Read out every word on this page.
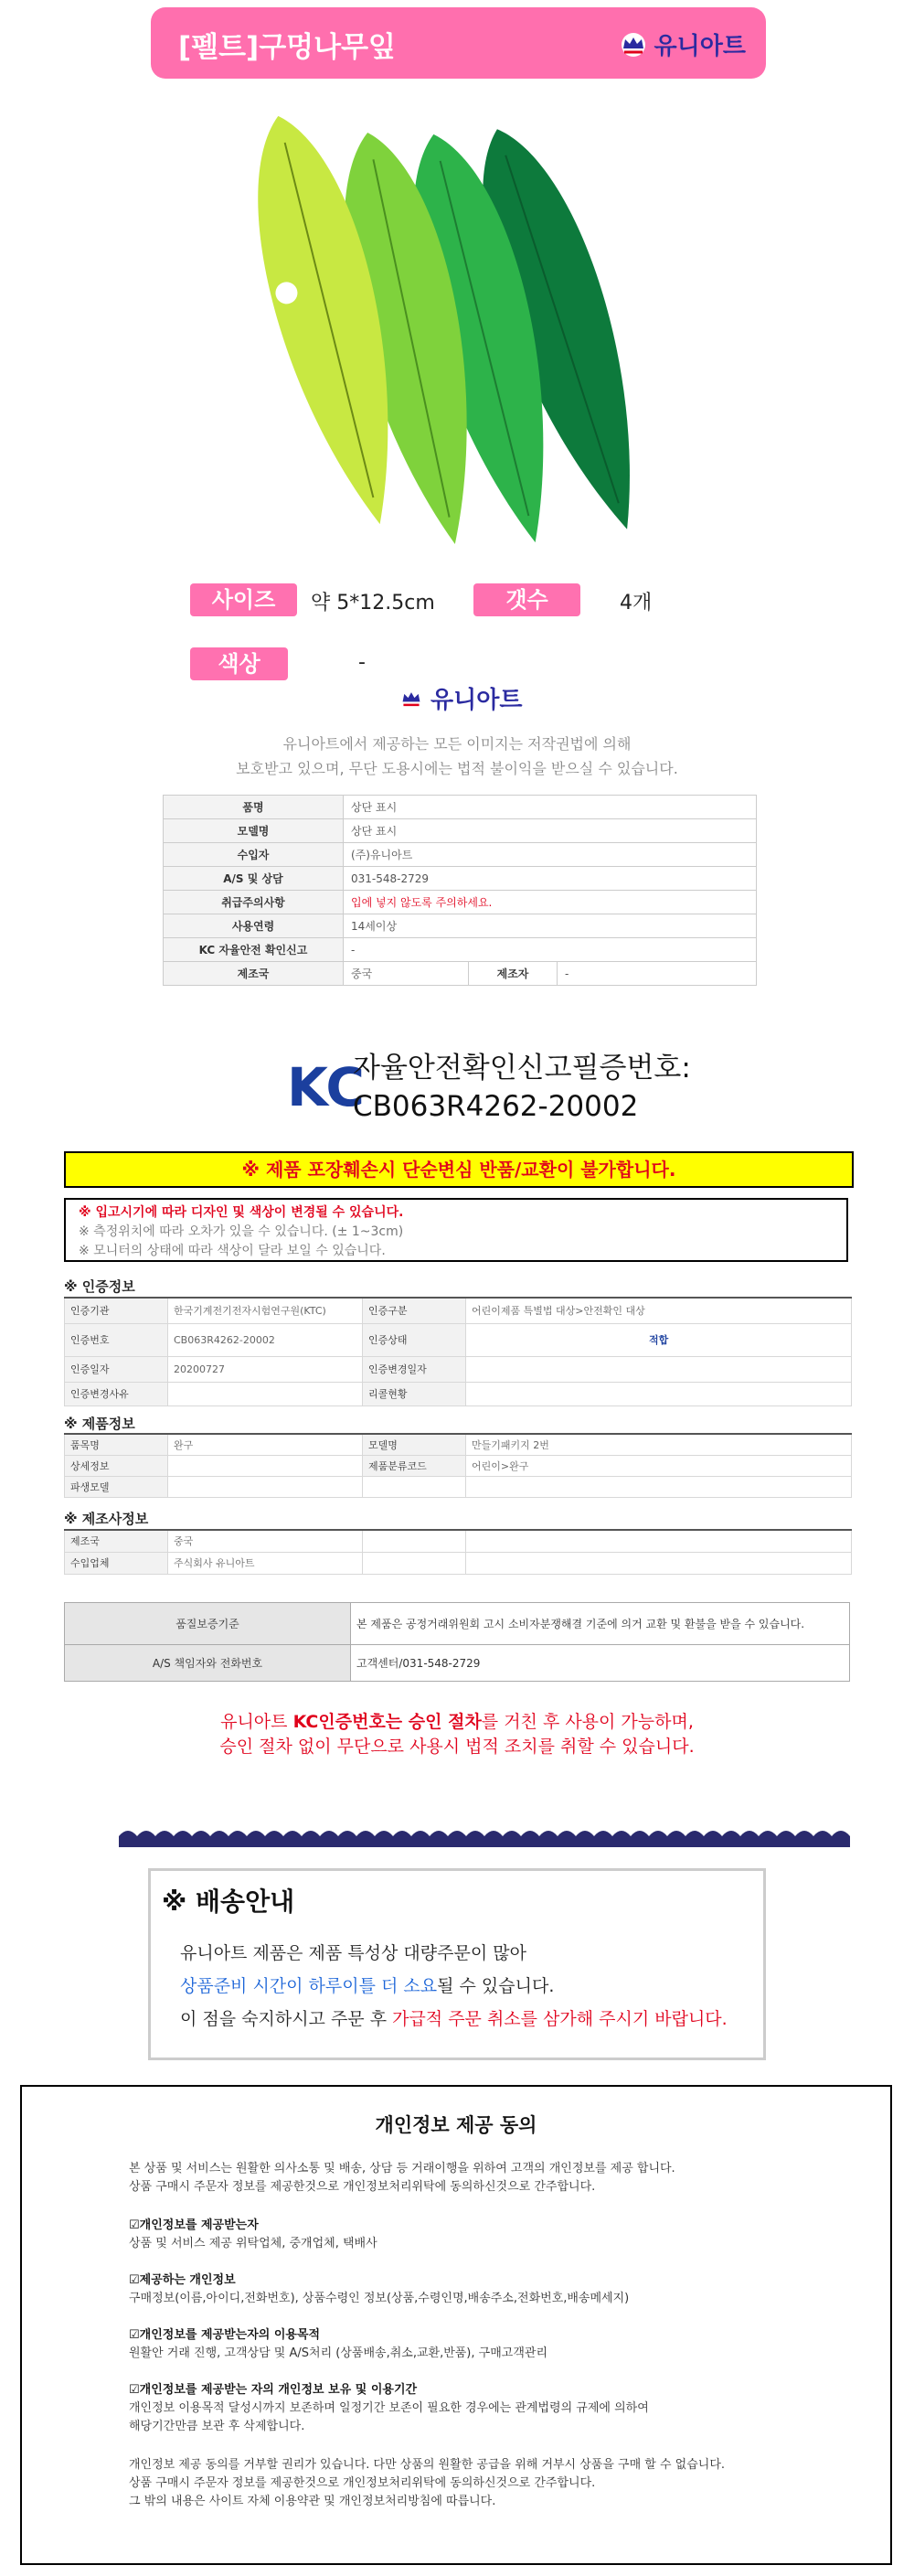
[펠트]구멍나무잎	유니아트
사이즈	약 5*12.5cm	갯수	4개
색상	-
유니아트
유니아트에서 제공하는 모든 이미지는 저작권법에 의해
보호받고 있으며, 무단 도용시에는 법적 불이익을 받으실 수 있습니다.
품명	상단 표시		
모델명	상단 표시		
수입자	(주)유니아트		
A/S 및 상담	031-548-2729		
취급주의사항	입에 넣지 않도록 주의하세요.		
사용연령	14세이상		
KC 자율안전 확인신고	-		
제조국	중국	제조자	-
KC
자율안전확인신고필증번호:
CB063R4262-20002
※ 제품 포장훼손시 단순변심 반품/교환이 불가합니다.
※ 입고시기에 따라 디자인 및 색상이 변경될 수 있습니다.
※ 측정위치에 따라 오차가 있을 수 있습니다. (± 1~3cm)
※ 모니터의 상태에 따라 색상이 달라 보일 수 있습니다.
※ 인증정보
인증기관	한국기계전기전자시험연구원(KTC)	인증구분	어린이제품 특별법 대상>안전확인 대상
인증번호	CB063R4262-20002	인증상태	적합
인증일자	20200727	인증변경일자	
인증변경사유		리콜현황	
※ 제품정보
품목명	완구	모델명	만들기패키지 2번
상세정보		제품분류코드	어린이>완구
파생모델			
※ 제조사정보
제조국	중국		
수입업체	주식회사 유니아트		
품질보증기준	본 제품은 공정거래위원회 고시 소비자분쟁해결 기준에 의거 교환 및 환불을 받을 수 있습니다.
A/S 책임자와 전화번호	고객센터/031-548-2729
유니아트 KC인증번호는 승인 절차를 거친 후 사용이 가능하며,
승인 절차 없이 무단으로 사용시 법적 조치를 취할 수 있습니다.
※ 배송안내
유니아트 제품은 제품 특성상 대량주문이 많아
상품준비 시간이 하루이틀 더 소요될 수 있습니다.
이 점을 숙지하시고 주문 후 가급적 주문 취소를 삼가해 주시기 바랍니다.
개인정보 제공 동의
본 상품 및 서비스는 원활한 의사소통 및 배송, 상담 등 거래이행을 위하여 고객의 개인정보를 제공 합니다.
상품 구매시 주문자 정보를 제공한것으로 개인정보처리위탁에 동의하신것으로 간주합니다.
☑개인정보를 제공받는자
상품 및 서비스 제공 위탁업체, 중개업체, 택배사
☑제공하는 개인정보
구매정보(이름,아이디,전화번호), 상품수령인 정보(상품,수령인명,배송주소,전화번호,배송메세지)
☑개인정보를 제공받는자의 이용목적
원활안 거래 진행, 고객상담 및 A/S처리 (상품배송,취소,교환,반품), 구매고객관리
☑개인정보를 제공받는 자의 개인정보 보유 및 이용기간
개인정보 이용목적 달성시까지 보존하며 일정기간 보존이 필요한 경우에는 관계법령의 규제에 의하여
해당기간만큼 보관 후 삭제합니다.
개인정보 제공 동의를 거부할 권리가 있습니다. 다만 상품의 원활한 공급을 위해 거부시 상품을 구매 할 수 없습니다.
상품 구매시 주문자 정보를 제공한것으로 개인정보처리위탁에 동의하신것으로 간주합니다.
그 밖의 내용은 사이트 자체 이용약관 및 개인정보처리방침에 따릅니다.
